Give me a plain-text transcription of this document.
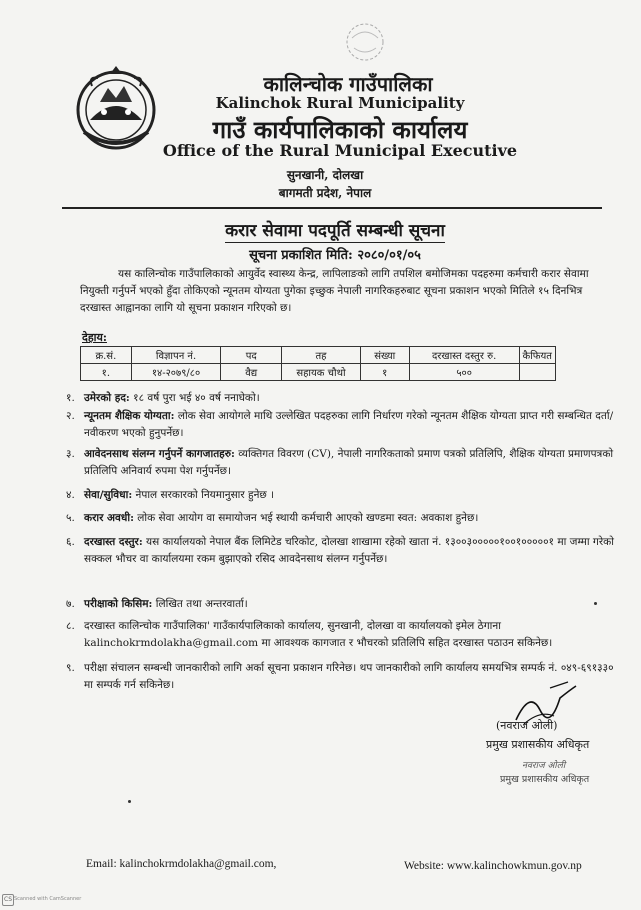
कालिन्चोक गाउँपालिका
Kalinchok Rural Municipality
गाउँ कार्यपालिकाको कार्यालय
Office of the Rural Municipal Executive
सुनखानी, दोलखा
बागमती प्रदेश, नेपाल
करार सेवामा पदपूर्ति सम्बन्धी सूचना
सूचना प्रकाशित मिति: २०८०/०१/०५
यस कालिन्चोक गाउँपालिकाको आयुर्वेद स्वास्थ्य केन्द्र, लापिलाङको लागि तपशिल बमोजिमका पदहरुमा कर्मचारी करार सेवामा नियुक्ती गर्नुपर्ने भएको हुँदा तोकिएको न्यूनतम योग्यता पुगेका इच्छुक नेपाली नागरिकहरुबाट सूचना प्रकाशन भएको मितिले १५ दिनभित्र दरखास्त आह्वानका लागि यो सूचना प्रकाशन गरिएको छ।
देहाय:
क्र.सं.	विज्ञापन नं.	पद	तह	संख्या	दरखास्त दस्तुर रु.	कैफियत
१.	१४-२०७९/८०	वैद्य	सहायक चौथो	१	५००	
१. उमेरको हद: १८ वर्ष पुरा भई ४० वर्ष ननाघेको।
२. न्यूनतम शैक्षिक योग्यता: लोक सेवा आयोगले माथि उल्लेखित पदहरुका लागि निर्धारण गरेको न्यूनतम शैक्षिक योग्यता प्राप्त गरी सम्बन्धित दर्ता/नवीकरण भएको हुनुपर्नेछ।
३. आवेदनसाथ संलग्न गर्नुपर्ने कागजातहरु: व्यक्तिगत विवरण (CV), नेपाली नागरिकताको प्रमाण पत्रको प्रतिलिपि, शैक्षिक योग्यता प्रमाणपत्रको प्रतिलिपि अनिवार्य रुपमा पेश गर्नुपर्नेछ।
४. सेवा/सुविधा: नेपाल सरकारको नियमानुसार हुनेछ ।
५. करार अवधी: लोक सेवा आयोग वा समायोजन भई स्थायी कर्मचारी आएको खण्डमा स्वत: अवकाश हुनेछ।
६. दरखास्त दस्तुर: यस कार्यालयको नेपाल बैंक लिमिटेड चरिकोट, दोलखा शाखामा रहेको खाता नं. १३००३०००००१००१०००००१ मा जम्मा गरेको सक्कल भौचर वा कार्यालयमा रकम बुझाएको रसिद आवदेनसाथ संलग्न गर्नुपर्नेछ।
७. परीक्षाको किसिम: लिखित तथा अन्तरवार्ता।
८. दरखास्त कालिन्चोक गाउँपालिका' गाउँकार्यपालिकाको कार्यालय, सुनखानी, दोलखा वा कार्यालयको इमेल ठेगाना kalinchokrmdolakha@gmail.com मा आवश्यक कागजात र भौचरको प्रतिलिपि सहित दरखास्त पठाउन सकिनेछ।
९. परीक्षा संचालन सम्बन्धी जानकारीको लागि अर्का सूचना प्रकाशन गरिनेछ। थप जानकारीको लागि कार्यालय समयभित्र सम्पर्क नं. ०४९-६९१३३० मा सम्पर्क गर्न सकिनेछ।
(नवराज ओली)
प्रमुख प्रशासकीय अधिकृत
नवराज ओली
प्रमुख प्रशासकीय अधिकृत
Email: kalinchokrmdolakha@gmail.com,	Website: www.kalinchowkmun.gov.np
CS Scanned with CamScanner
